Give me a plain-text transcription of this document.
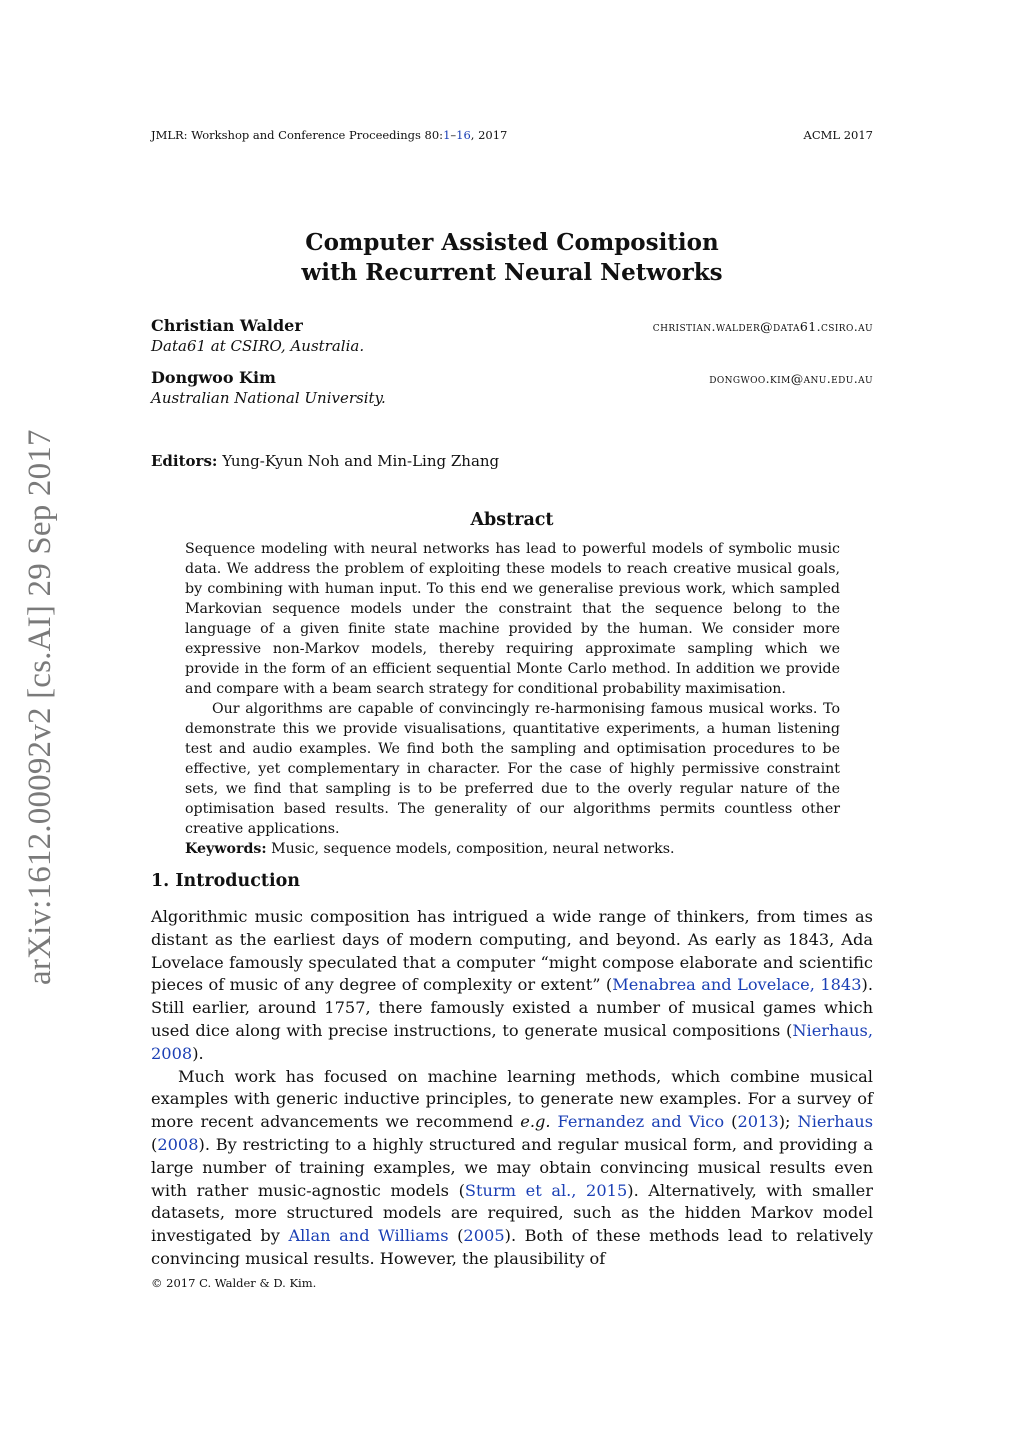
JMLR: Workshop and Conference Proceedings 80:1–16, 2017	ACML 2017
arXiv:1612.00092v2 [cs.AI] 29 Sep 2017
Computer Assisted Composition
with Recurrent Neural Networks
Christian Walder	christian.walder@data61.csiro.au
Data61 at CSIRO, Australia.
Dongwoo Kim	dongwoo.kim@anu.edu.au
Australian National University.
Editors: Yung-Kyun Noh and Min-Ling Zhang
Abstract

Sequence modeling with neural networks has lead to powerful models of symbolic music data. We address the problem of exploiting these models to reach creative musical goals, by combining with human input. To this end we generalise previous work, which sampled Markovian sequence models under the constraint that the sequence belong to the language of a given finite state machine provided by the human. We consider more expressive non-Markov models, thereby requiring approximate sampling which we provide in the form of an efficient sequential Monte Carlo method. In addition we provide and compare with a beam search strategy for conditional probability maximisation.

Our algorithms are capable of convincingly re-harmonising famous musical works. To demonstrate this we provide visualisations, quantitative experiments, a human listening test and audio examples. We find both the sampling and optimisation procedures to be effective, yet complementary in character. For the case of highly permissive constraint sets, we find that sampling is to be preferred due to the overly regular nature of the optimisation based results. The generality of our algorithms permits countless other creative applications.

Keywords: Music, sequence models, composition, neural networks.

1. Introduction

Algorithmic music composition has intrigued a wide range of thinkers, from times as distant as the earliest days of modern computing, and beyond. As early as 1843, Ada Lovelace famously speculated that a computer “might compose elaborate and scientific pieces of music of any degree of complexity or extent” (Menabrea and Lovelace, 1843). Still earlier, around 1757, there famously existed a number of musical games which used dice along with precise instructions, to generate musical compositions (Nierhaus, 2008).

Much work has focused on machine learning methods, which combine musical examples with generic inductive principles, to generate new examples. For a survey of more recent advancements we recommend e.g. Fernandez and Vico (2013); Nierhaus (2008). By restricting to a highly structured and regular musical form, and providing a large number of training examples, we may obtain convincing musical results even with rather music-agnostic models (Sturm et al., 2015). Alternatively, with smaller datasets, more structured models are required, such as the hidden Markov model investigated by Allan and Williams (2005). Both of these methods lead to relatively convincing musical results. However, the plausibility of

© 2017 C. Walder & D. Kim.
